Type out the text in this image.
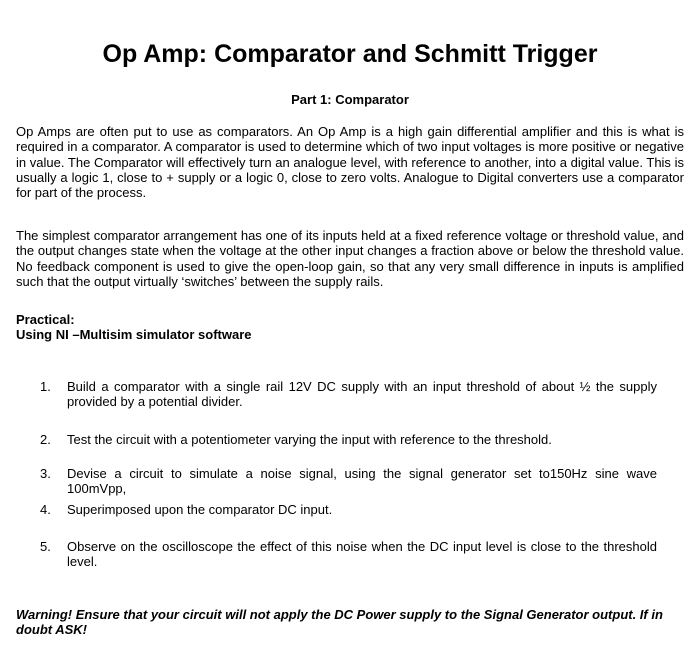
Op Amp: Comparator and Schmitt Trigger
Part 1: Comparator

Op Amps are often put to use as comparators. An Op Amp is a high gain differential amplifier and this is what is required in a comparator. A comparator is used to determine which of two input voltages is more positive or negative in value. The Comparator will effectively turn an analogue level, with reference to another, into a digital value. This is usually a logic 1, close to + supply or a logic 0, close to zero volts. Analogue to Digital converters use a comparator for part of the process.

The simplest comparator arrangement has one of its inputs held at a fixed reference voltage or threshold value, and the output changes state when the voltage at the other input changes a fraction above or below the threshold value. No feedback component is used to give the open-loop gain, so that any very small difference in inputs is amplified such that the output virtually ‘switches’ between the supply rails.

Practical:
Using NI –Multisim simulator software
1. Build a comparator with a single rail 12V DC supply with an input threshold of about ½ the supply provided by a potential divider.
2. Test the circuit with a potentiometer varying the input with reference to the threshold.
3. Devise a circuit to simulate a noise signal, using the signal generator set to150Hz sine wave 100mVpp,
4. Superimposed upon the comparator DC input.
5. Observe on the oscilloscope the effect of this noise when the DC input level is close to the threshold level.

Warning! Ensure that your circuit will not apply the DC Power supply to the Signal Generator output. If in doubt ASK!
